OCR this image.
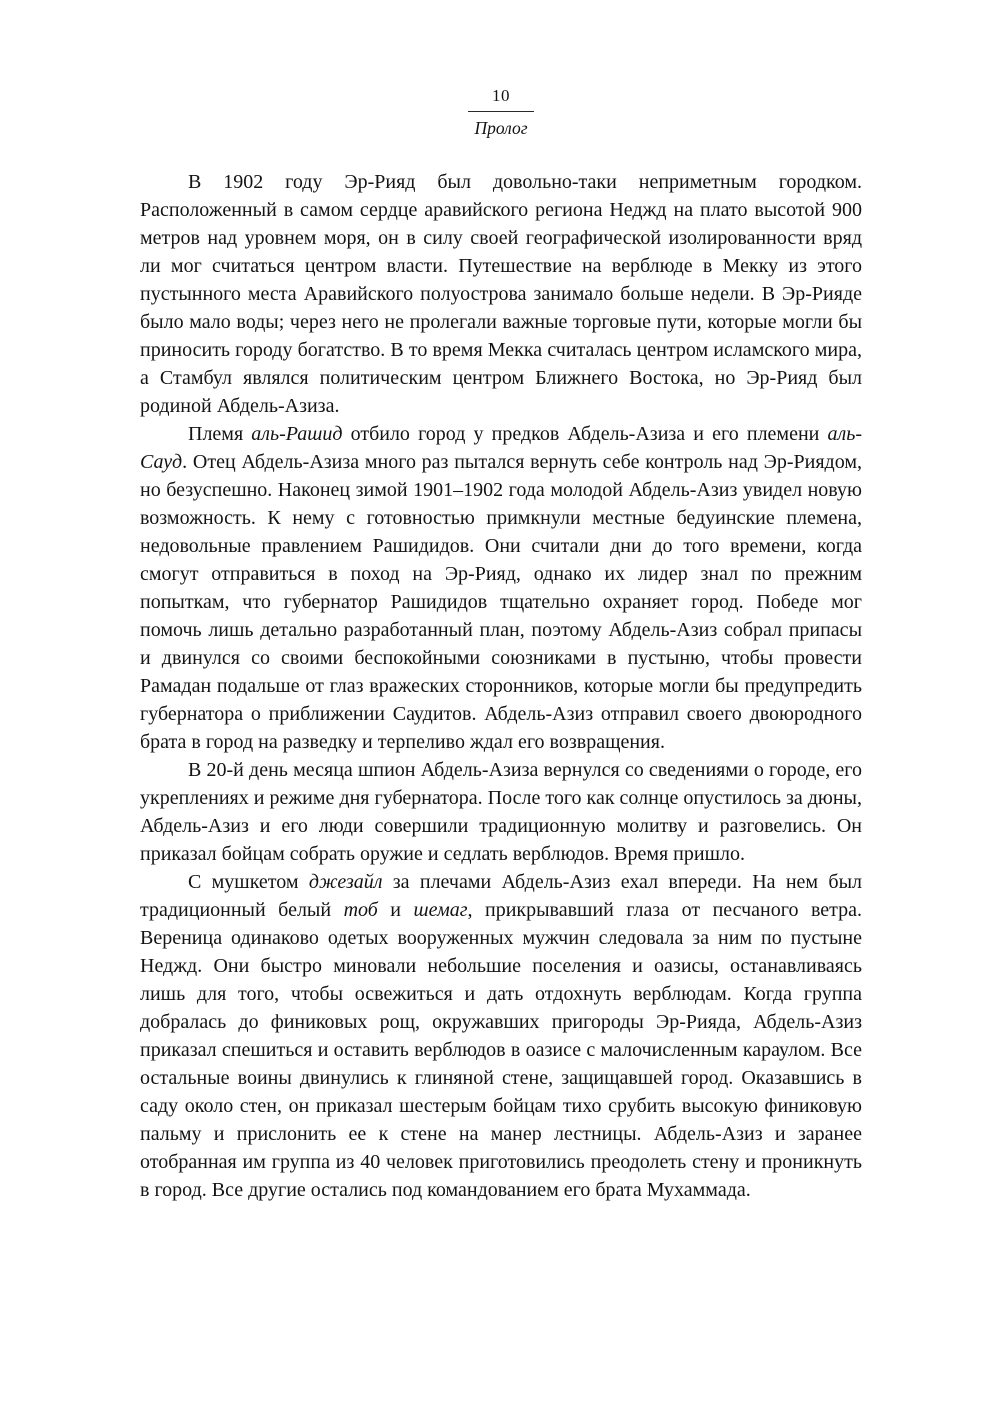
10
Пролог

В 1902 году Эр-Рияд был довольно-таки неприметным городком. Расположенный в самом сердце аравийского региона Неджд на плато высотой 900 метров над уровнем моря, он в силу своей географической изолированности вряд ли мог считаться центром власти. Путешествие на верблюде в Мекку из этого пустынного места Аравийского полуострова занимало больше недели. В Эр-Рияде было мало воды; через него не пролегали важные торговые пути, которые могли бы приносить городу богатство. В то время Мекка считалась центром исламского мира, а Стамбул являлся политическим центром Ближнего Востока, но Эр-Рияд был родиной Абдель-Азиза.

Племя аль-Рашид отбило город у предков Абдель-Азиза и его племени аль-Сауд. Отец Абдель-Азиза много раз пытался вернуть себе контроль над Эр-Риядом, но безуспешно. Наконец зимой 1901–1902 года молодой Абдель-Азиз увидел новую возможность. К нему с готовностью примкнули местные бедуинские племена, недовольные правлением Рашидидов. Они считали дни до того времени, когда смогут отправиться в поход на Эр-Рияд, однако их лидер знал по прежним попыткам, что губернатор Рашидидов тщательно охраняет город. Победе мог помочь лишь детально разработанный план, поэтому Абдель-Азиз собрал припасы и двинулся со своими беспокойными союзниками в пустыню, чтобы провести Рамадан подальше от глаз вражеских сторонников, которые могли бы предупредить губернатора о приближении Саудитов. Абдель-Азиз отправил своего двоюродного брата в город на разведку и терпеливо ждал его возвращения.

В 20-й день месяца шпион Абдель-Азиза вернулся со сведениями о городе, его укреплениях и режиме дня губернатора. После того как солнце опустилось за дюны, Абдель-Азиз и его люди совершили традиционную молитву и разговелись. Он приказал бойцам собрать оружие и седлать верблюдов. Время пришло.

С мушкетом джезайл за плечами Абдель-Азиз ехал впереди. На нем был традиционный белый тоб и шемаг, прикрывавший глаза от песчаного ветра. Вереница одинаково одетых вооруженных мужчин следовала за ним по пустыне Неджд. Они быстро миновали небольшие поселения и оазисы, останавливаясь лишь для того, чтобы освежиться и дать отдохнуть верблюдам. Когда группа добралась до финиковых рощ, окружавших пригороды Эр-Рияда, Абдель-Азиз приказал спешиться и оставить верблюдов в оазисе с малочисленным караулом. Все остальные воины двинулись к глиняной стене, защищавшей город. Оказавшись в саду около стен, он приказал шестерым бойцам тихо срубить высокую финиковую пальму и прислонить ее к стене на манер лестницы. Абдель-Азиз и заранее отобранная им группа из 40 человек приготовились преодолеть стену и проникнуть в город. Все другие остались под командованием его брата Мухаммада.
